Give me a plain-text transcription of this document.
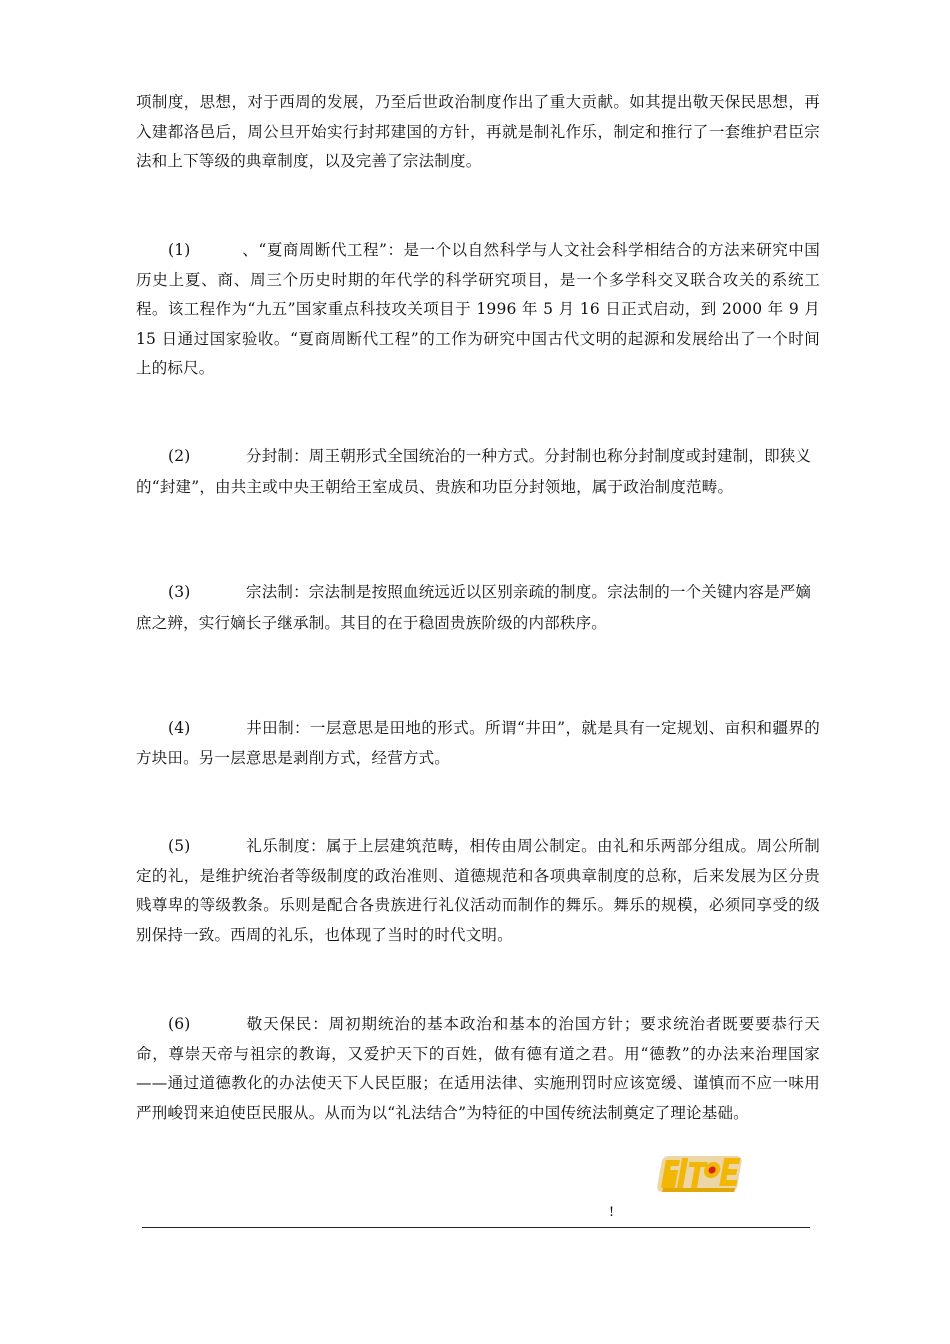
项制度，思想，对于西周的发展，乃至后世政治制度作出了重大贡献。如其提出敬天保民思想，再入建都洛邑后，周公旦开始实行封邦建国的方针，再就是制礼作乐，制定和推行了一套维护君臣宗法和上下等级的典章制度，以及完善了宗法制度。
(1)	、“夏商周断代工程”：是一个以自然科学与人文社会科学相结合的方法来研究中国历史上夏、商、周三个历史时期的年代学的科学研究项目，是一个多学科交叉联合攻关的系统工程。该工程作为“九五”国家重点科技攻关项目于 1996 年 5 月 16 日正式启动，到 2000 年 9 月 15 日通过国家验收。“夏商周断代工程”的工作为研究中国古代文明的起源和发展给出了一个时间上的标尺。
(2)	分封制：周王朝形式全国统治的一种方式。分封制也称分封制度或封建制，即狭义
的“封建”，由共主或中央王朝给王室成员、贵族和功臣分封领地，属于政治制度范畴。
(3)	宗法制：宗法制是按照血统远近以区别亲疏的制度。宗法制的一个关键内容是严嫡
庶之辨，实行嫡长子继承制。其目的在于稳固贵族阶级的内部秩序。
(4)	井田制：一层意思是田地的形式。所谓“井田”，就是具有一定规划、亩积和疆界的方块田。另一层意思是剥削方式，经营方式。
(5)	礼乐制度：属于上层建筑范畴，相传由周公制定。由礼和乐两部分组成。周公所制定的礼，是维护统治者等级制度的政治准则、道德规范和各项典章制度的总称，后来发展为区分贵贱尊卑的等级教条。乐则是配合各贵族进行礼仪活动而制作的舞乐。舞乐的规模，必须同享受的级别保持一致。西周的礼乐，也体现了当时的时代文明。
(6)	敬天保民：周初期统治的基本政治和基本的治国方针；要求统治者既要要恭行天命，尊崇天帝与祖宗的教诲，又爱护天下的百姓，做有德有道之君。用“德教”的办法来治理国家——通过道德教化的办法使天下人民臣服；在适用法律、实施刑罚时应该宽缓、谨慎而不应一味用严刑峻罚来迫使臣民服从。从而为以“礼法结合”为特征的中国传统法制奠定了理论基础。
!
